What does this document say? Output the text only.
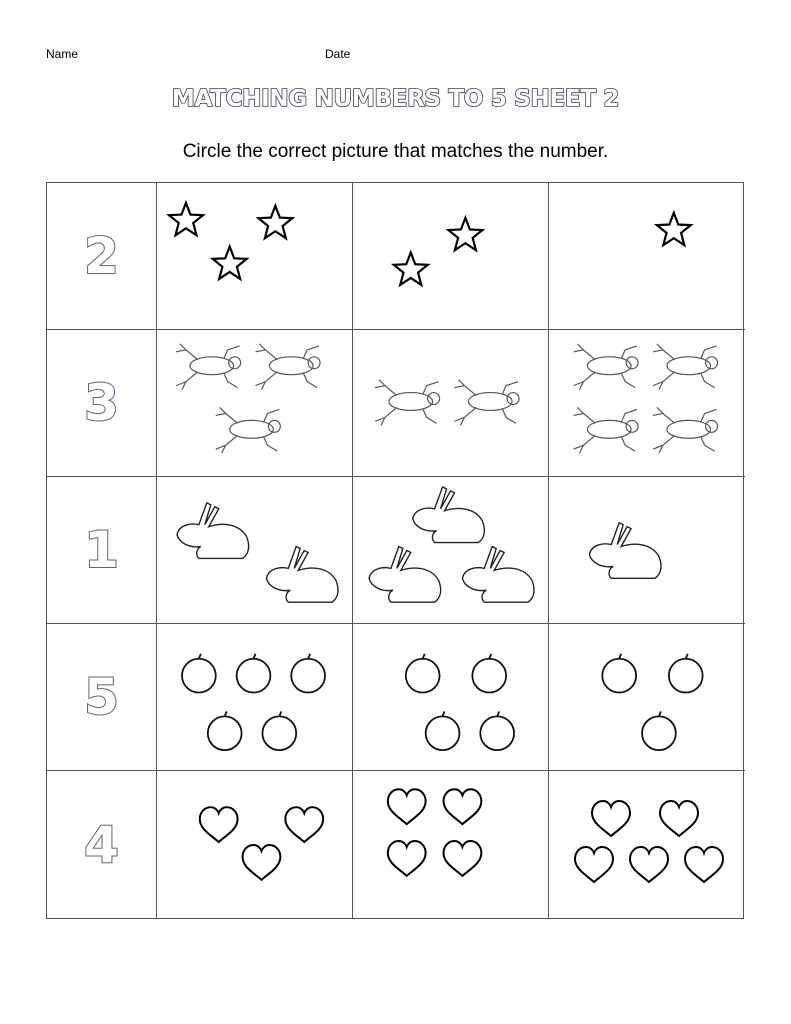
Name	Date
MATCHING NUMBERS TO 5 SHEET 2
Circle the correct picture that matches the number.
2
3
1
5
4
